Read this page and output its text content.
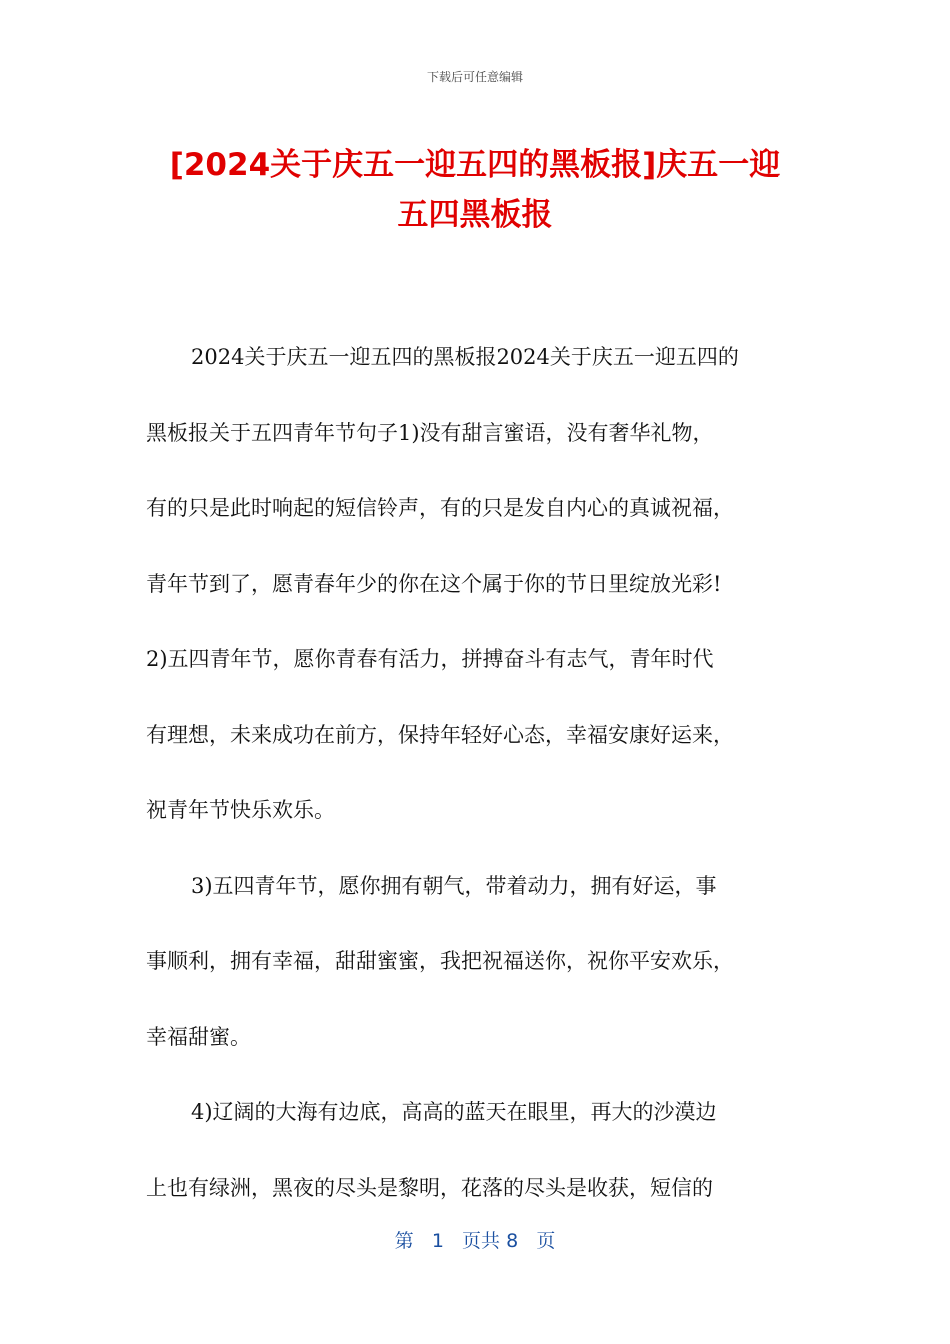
下载后可任意编辑
[2024关于庆五一迎五四的黑板报]庆五一迎
五四黑板报
2024关于庆五一迎五四的黑板报2024关于庆五一迎五四的
黑板报关于五四青年节句子1)没有甜言蜜语，没有奢华礼物，
有的只是此时响起的短信铃声，有的只是发自内心的真诚祝福，
青年节到了，愿青春年少的你在这个属于你的节日里绽放光彩!
2)五四青年节，愿你青春有活力，拼搏奋斗有志气，青年时代
有理想，未来成功在前方，保持年轻好心态，幸福安康好运来，
祝青年节快乐欢乐。
3)五四青年节，愿你拥有朝气，带着动力，拥有好运，事
事顺利，拥有幸福，甜甜蜜蜜，我把祝福送你，祝你平安欢乐，
幸福甜蜜。
4)辽阔的大海有边底，高高的蓝天在眼里，再大的沙漠边
上也有绿洲，黑夜的尽头是黎明，花落的尽头是收获，短信的
第 1 页共 8 页
